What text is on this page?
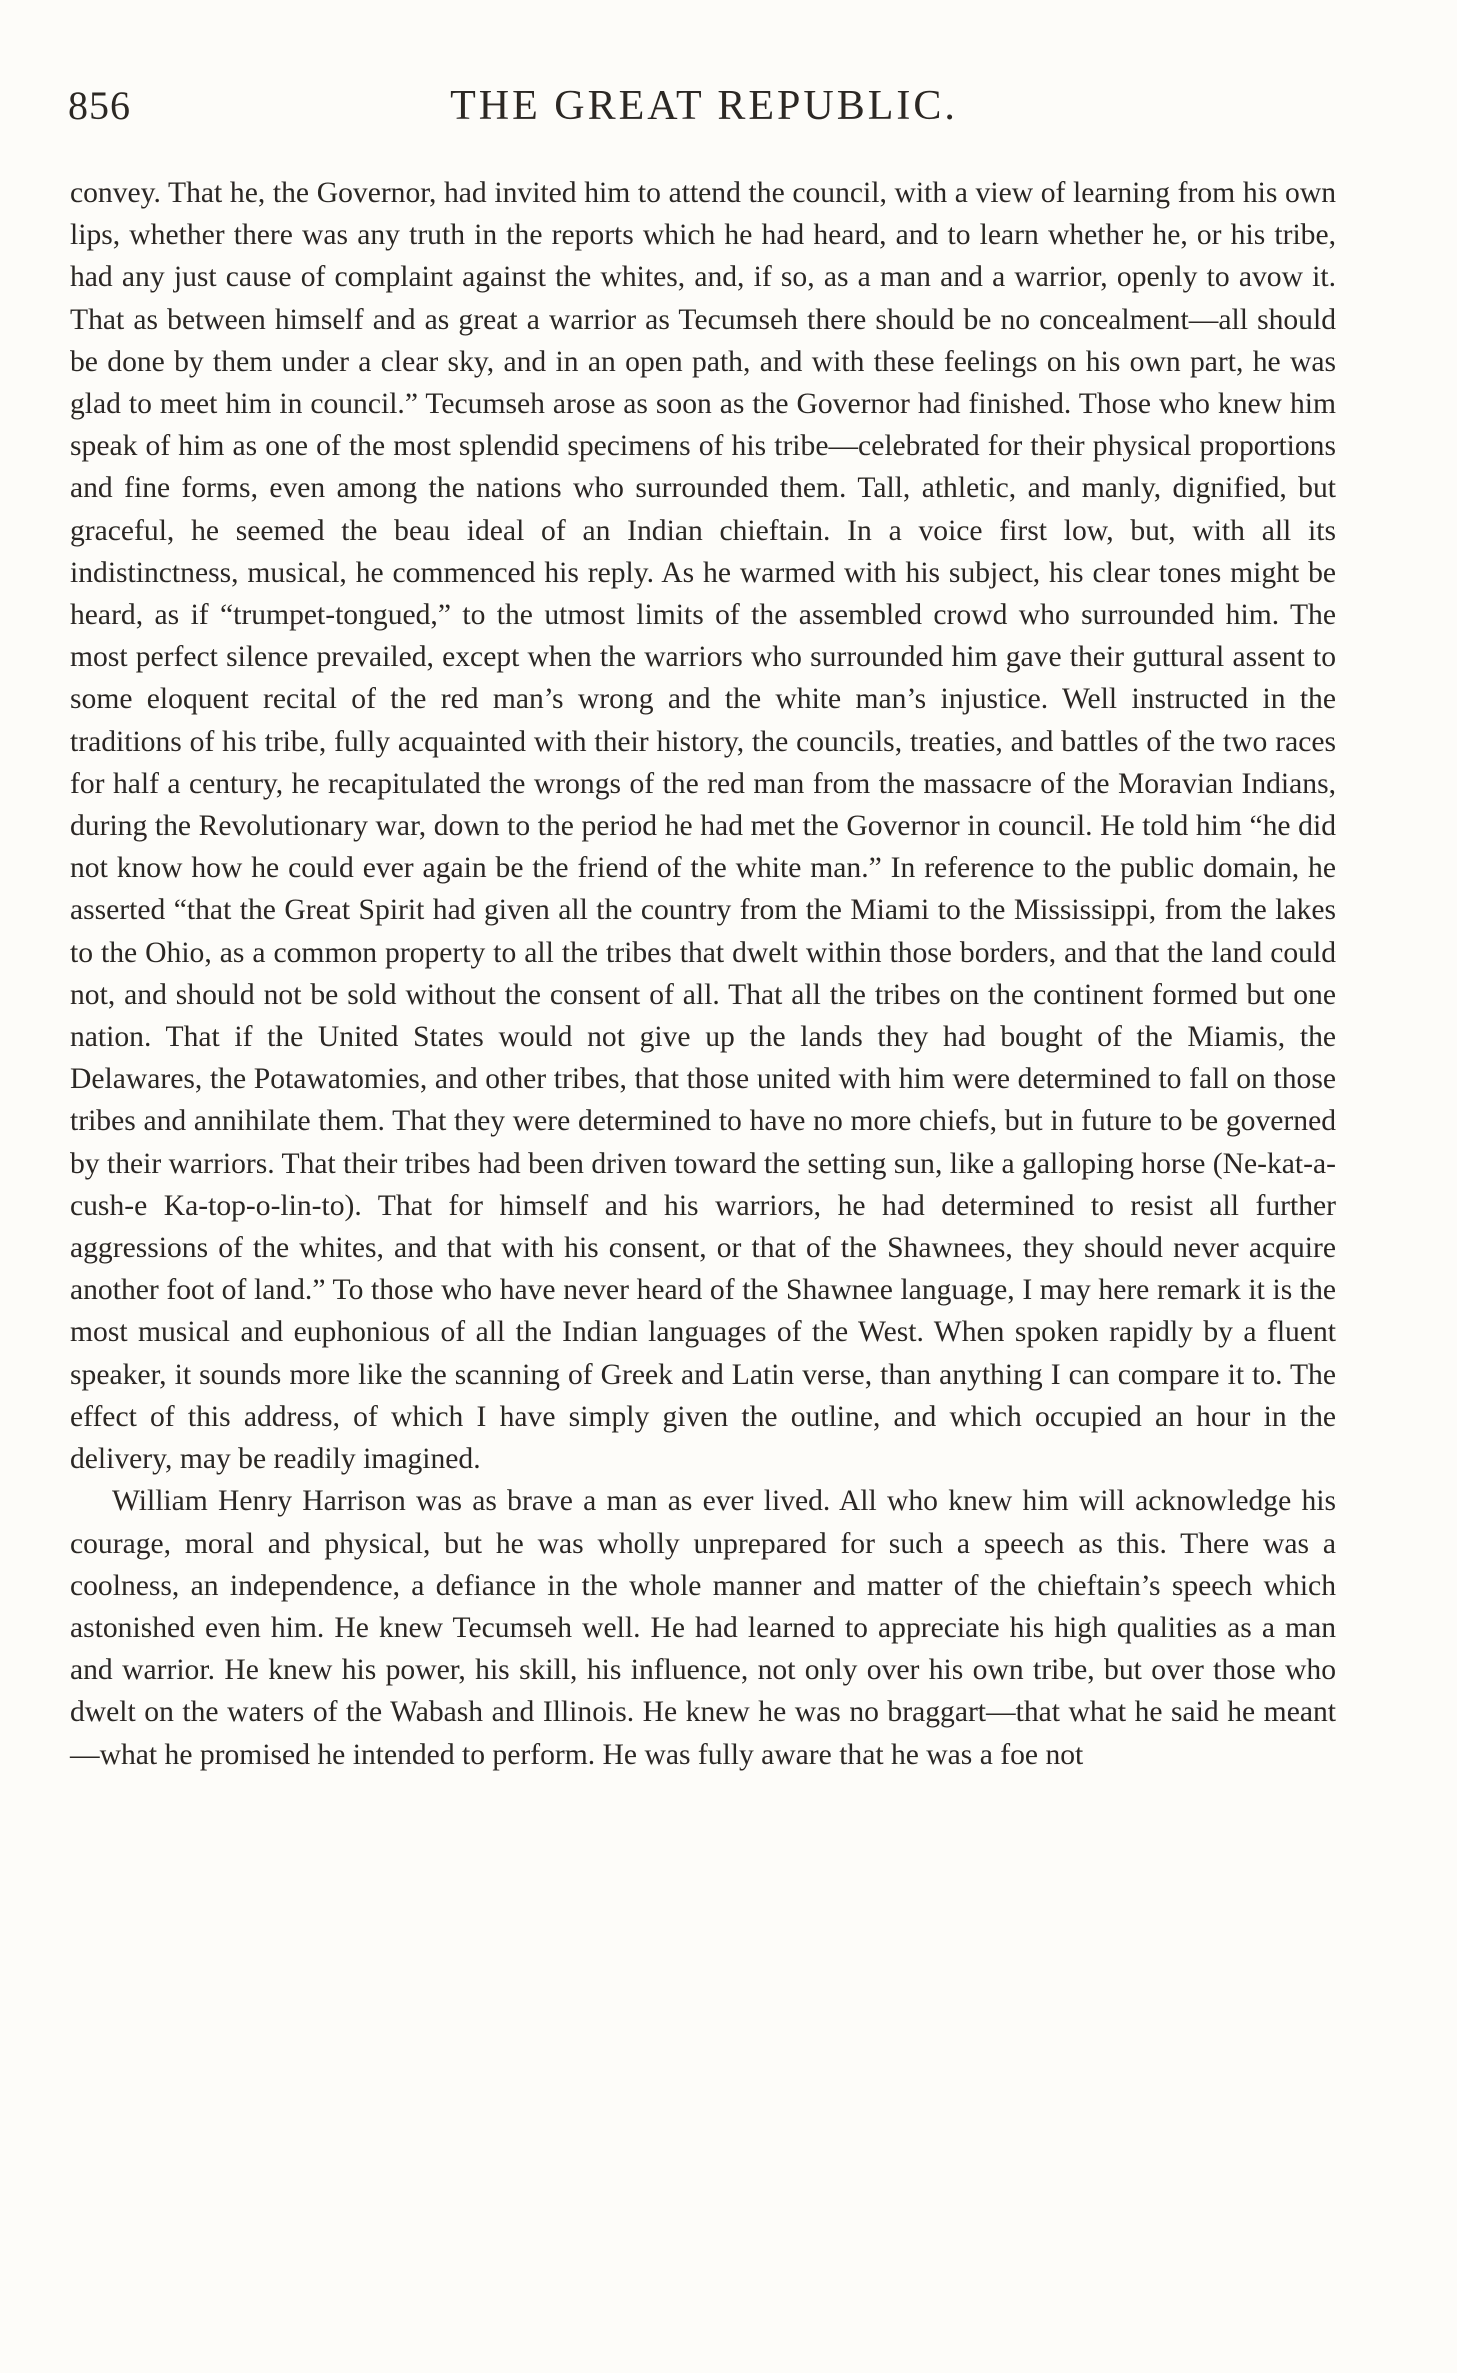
856	THE GREAT REPUBLIC.

convey. That he, the Governor, had invited him to attend the council, with a view of learning from his own lips, whether there was any truth in the reports which he had heard, and to learn whether he, or his tribe, had any just cause of complaint against the whites, and, if so, as a man and a warrior, openly to avow it. That as between himself and as great a warrior as Tecumseh there should be no concealment—all should be done by them under a clear sky, and in an open path, and with these feelings on his own part, he was glad to meet him in council.” Tecumseh arose as soon as the Governor had finished. Those who knew him speak of him as one of the most splendid specimens of his tribe—celebrated for their physical proportions and fine forms, even among the nations who surrounded them. Tall, athletic, and manly, dignified, but graceful, he seemed the beau ideal of an Indian chieftain. In a voice first low, but, with all its indistinctness, musical, he commenced his reply. As he warmed with his subject, his clear tones might be heard, as if “trumpet-tongued,” to the utmost limits of the assembled crowd who surrounded him. The most perfect silence prevailed, except when the warriors who surrounded him gave their guttural assent to some eloquent recital of the red man’s wrong and the white man’s injustice. Well instructed in the traditions of his tribe, fully acquainted with their history, the councils, treaties, and battles of the two races for half a century, he recapitulated the wrongs of the red man from the massacre of the Moravian Indians, during the Revolutionary war, down to the period he had met the Governor in council. He told him “he did not know how he could ever again be the friend of the white man.” In reference to the public domain, he asserted “that the Great Spirit had given all the country from the Miami to the Mississippi, from the lakes to the Ohio, as a common property to all the tribes that dwelt within those borders, and that the land could not, and should not be sold without the consent of all. That all the tribes on the continent formed but one nation. That if the United States would not give up the lands they had bought of the Miamis, the Delawares, the Potawatomies, and other tribes, that those united with him were determined to fall on those tribes and annihilate them. That they were determined to have no more chiefs, but in future to be governed by their warriors. That their tribes had been driven toward the setting sun, like a galloping horse (Ne-kat-a-cush-e Ka-top-o-lin-to). That for himself and his warriors, he had determined to resist all further aggressions of the whites, and that with his consent, or that of the Shawnees, they should never acquire another foot of land.” To those who have never heard of the Shawnee language, I may here remark it is the most musical and euphonious of all the Indian languages of the West. When spoken rapidly by a fluent speaker, it sounds more like the scanning of Greek and Latin verse, than anything I can compare it to. The effect of this address, of which I have simply given the outline, and which occupied an hour in the delivery, may be readily imagined.

William Henry Harrison was as brave a man as ever lived. All who knew him will acknowledge his courage, moral and physical, but he was wholly unprepared for such a speech as this. There was a coolness, an independence, a defiance in the whole manner and matter of the chieftain’s speech which astonished even him. He knew Tecumseh well. He had learned to appreciate his high qualities as a man and warrior. He knew his power, his skill, his influence, not only over his own tribe, but over those who dwelt on the waters of the Wabash and Illinois. He knew he was no braggart—that what he said he meant—what he promised he intended to perform. He was fully aware that he was a foe not
